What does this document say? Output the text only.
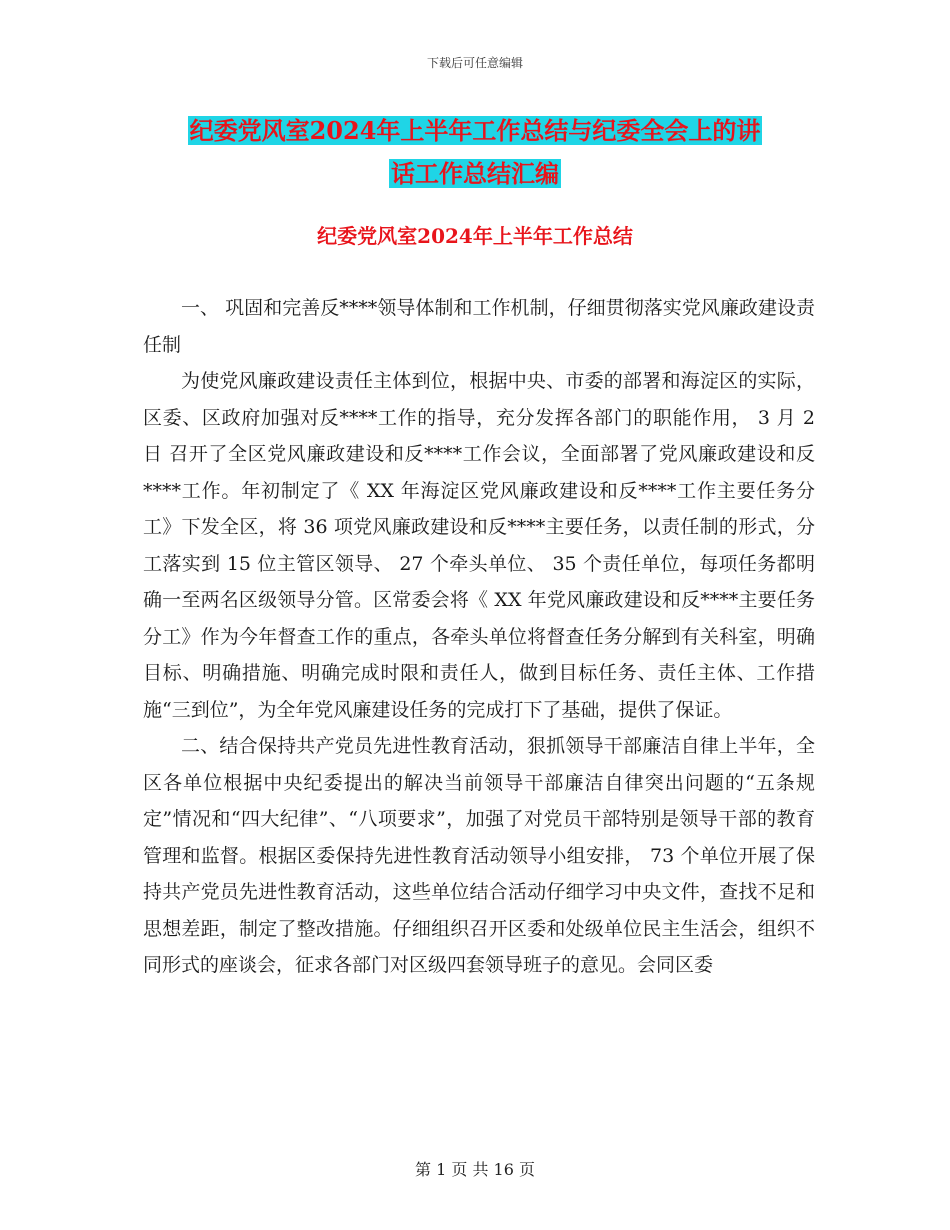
下载后可任意编辑
纪委党风室2024年上半年工作总结与纪委全会上的讲
话工作总结汇编
纪委党风室2024年上半年工作总结

一、 巩固和完善反****领导体制和工作机制，仔细贯彻落实党风廉政建设责任制

为使党风廉政建设责任主体到位，根据中央、市委的部署和海淀区的实际，区委、区政府加强对反****工作的指导，充分发挥各部门的职能作用， 3 月 2 日 召开了全区党风廉政建设和反****工作会议，全面部署了党风廉政建设和反****工作。年初制定了《 XX 年海淀区党风廉政建设和反****工作主要任务分工》下发全区，将 36 项党风廉政建设和反****主要任务，以责任制的形式，分工落实到 15 位主管区领导、 27 个牵头单位、 35 个责任单位，每项任务都明确一至两名区级领导分管。区常委会将《 XX 年党风廉政建设和反****主要任务分工》作为今年督查工作的重点，各牵头单位将督查任务分解到有关科室，明确目标、明确措施、明确完成时限和责任人，做到目标任务、责任主体、工作措施“三到位”，为全年党风廉建设任务的完成打下了基础，提供了保证。

二、结合保持共产党员先进性教育活动，狠抓领导干部廉洁自律上半年，全区各单位根据中央纪委提出的解决当前领导干部廉洁自律突出问题的“五条规定”情况和“四大纪律”、“八项要求”，加强了对党员干部特别是领导干部的教育管理和监督。根据区委保持先进性教育活动领导小组安排， 73 个单位开展了保持共产党员先进性教育活动，这些单位结合活动仔细学习中央文件，查找不足和思想差距，制定了整改措施。仔细组织召开区委和处级单位民主生活会，组织不同形式的座谈会，征求各部门对区级四套领导班子的意见。会同区委

第 1 页 共 16 页
